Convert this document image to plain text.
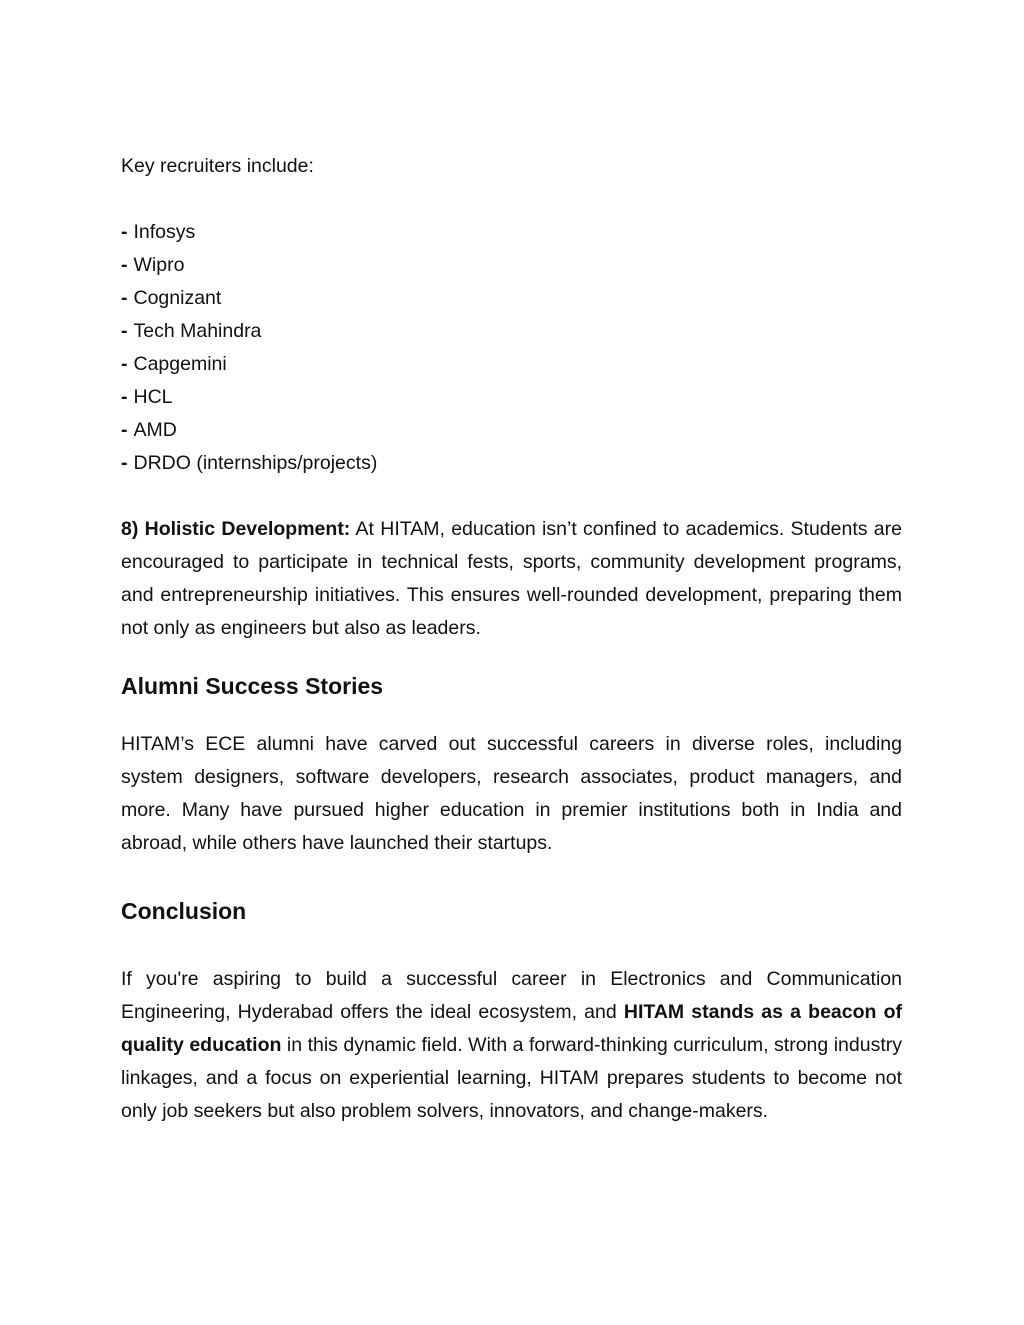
Key recruiters include:

- Infosys
- Wipro
- Cognizant
- Tech Mahindra
- Capgemini
- HCL
- AMD
- DRDO (internships/projects)

8) Holistic Development: At HITAM, education isn’t confined to academics. Students are encouraged to participate in technical fests, sports, community development programs, and entrepreneurship initiatives. This ensures well-rounded development, preparing them not only as engineers but also as leaders.

Alumni Success Stories

HITAM’s ECE alumni have carved out successful careers in diverse roles, including system designers, software developers, research associates, product managers, and more. Many have pursued higher education in premier institutions both in India and abroad, while others have launched their startups.

Conclusion

If you're aspiring to build a successful career in Electronics and Communication Engineering, Hyderabad offers the ideal ecosystem, and HITAM stands as a beacon of quality education in this dynamic field. With a forward-thinking curriculum, strong industry linkages, and a focus on experiential learning, HITAM prepares students to become not only job seekers but also problem solvers, innovators, and change-makers.
